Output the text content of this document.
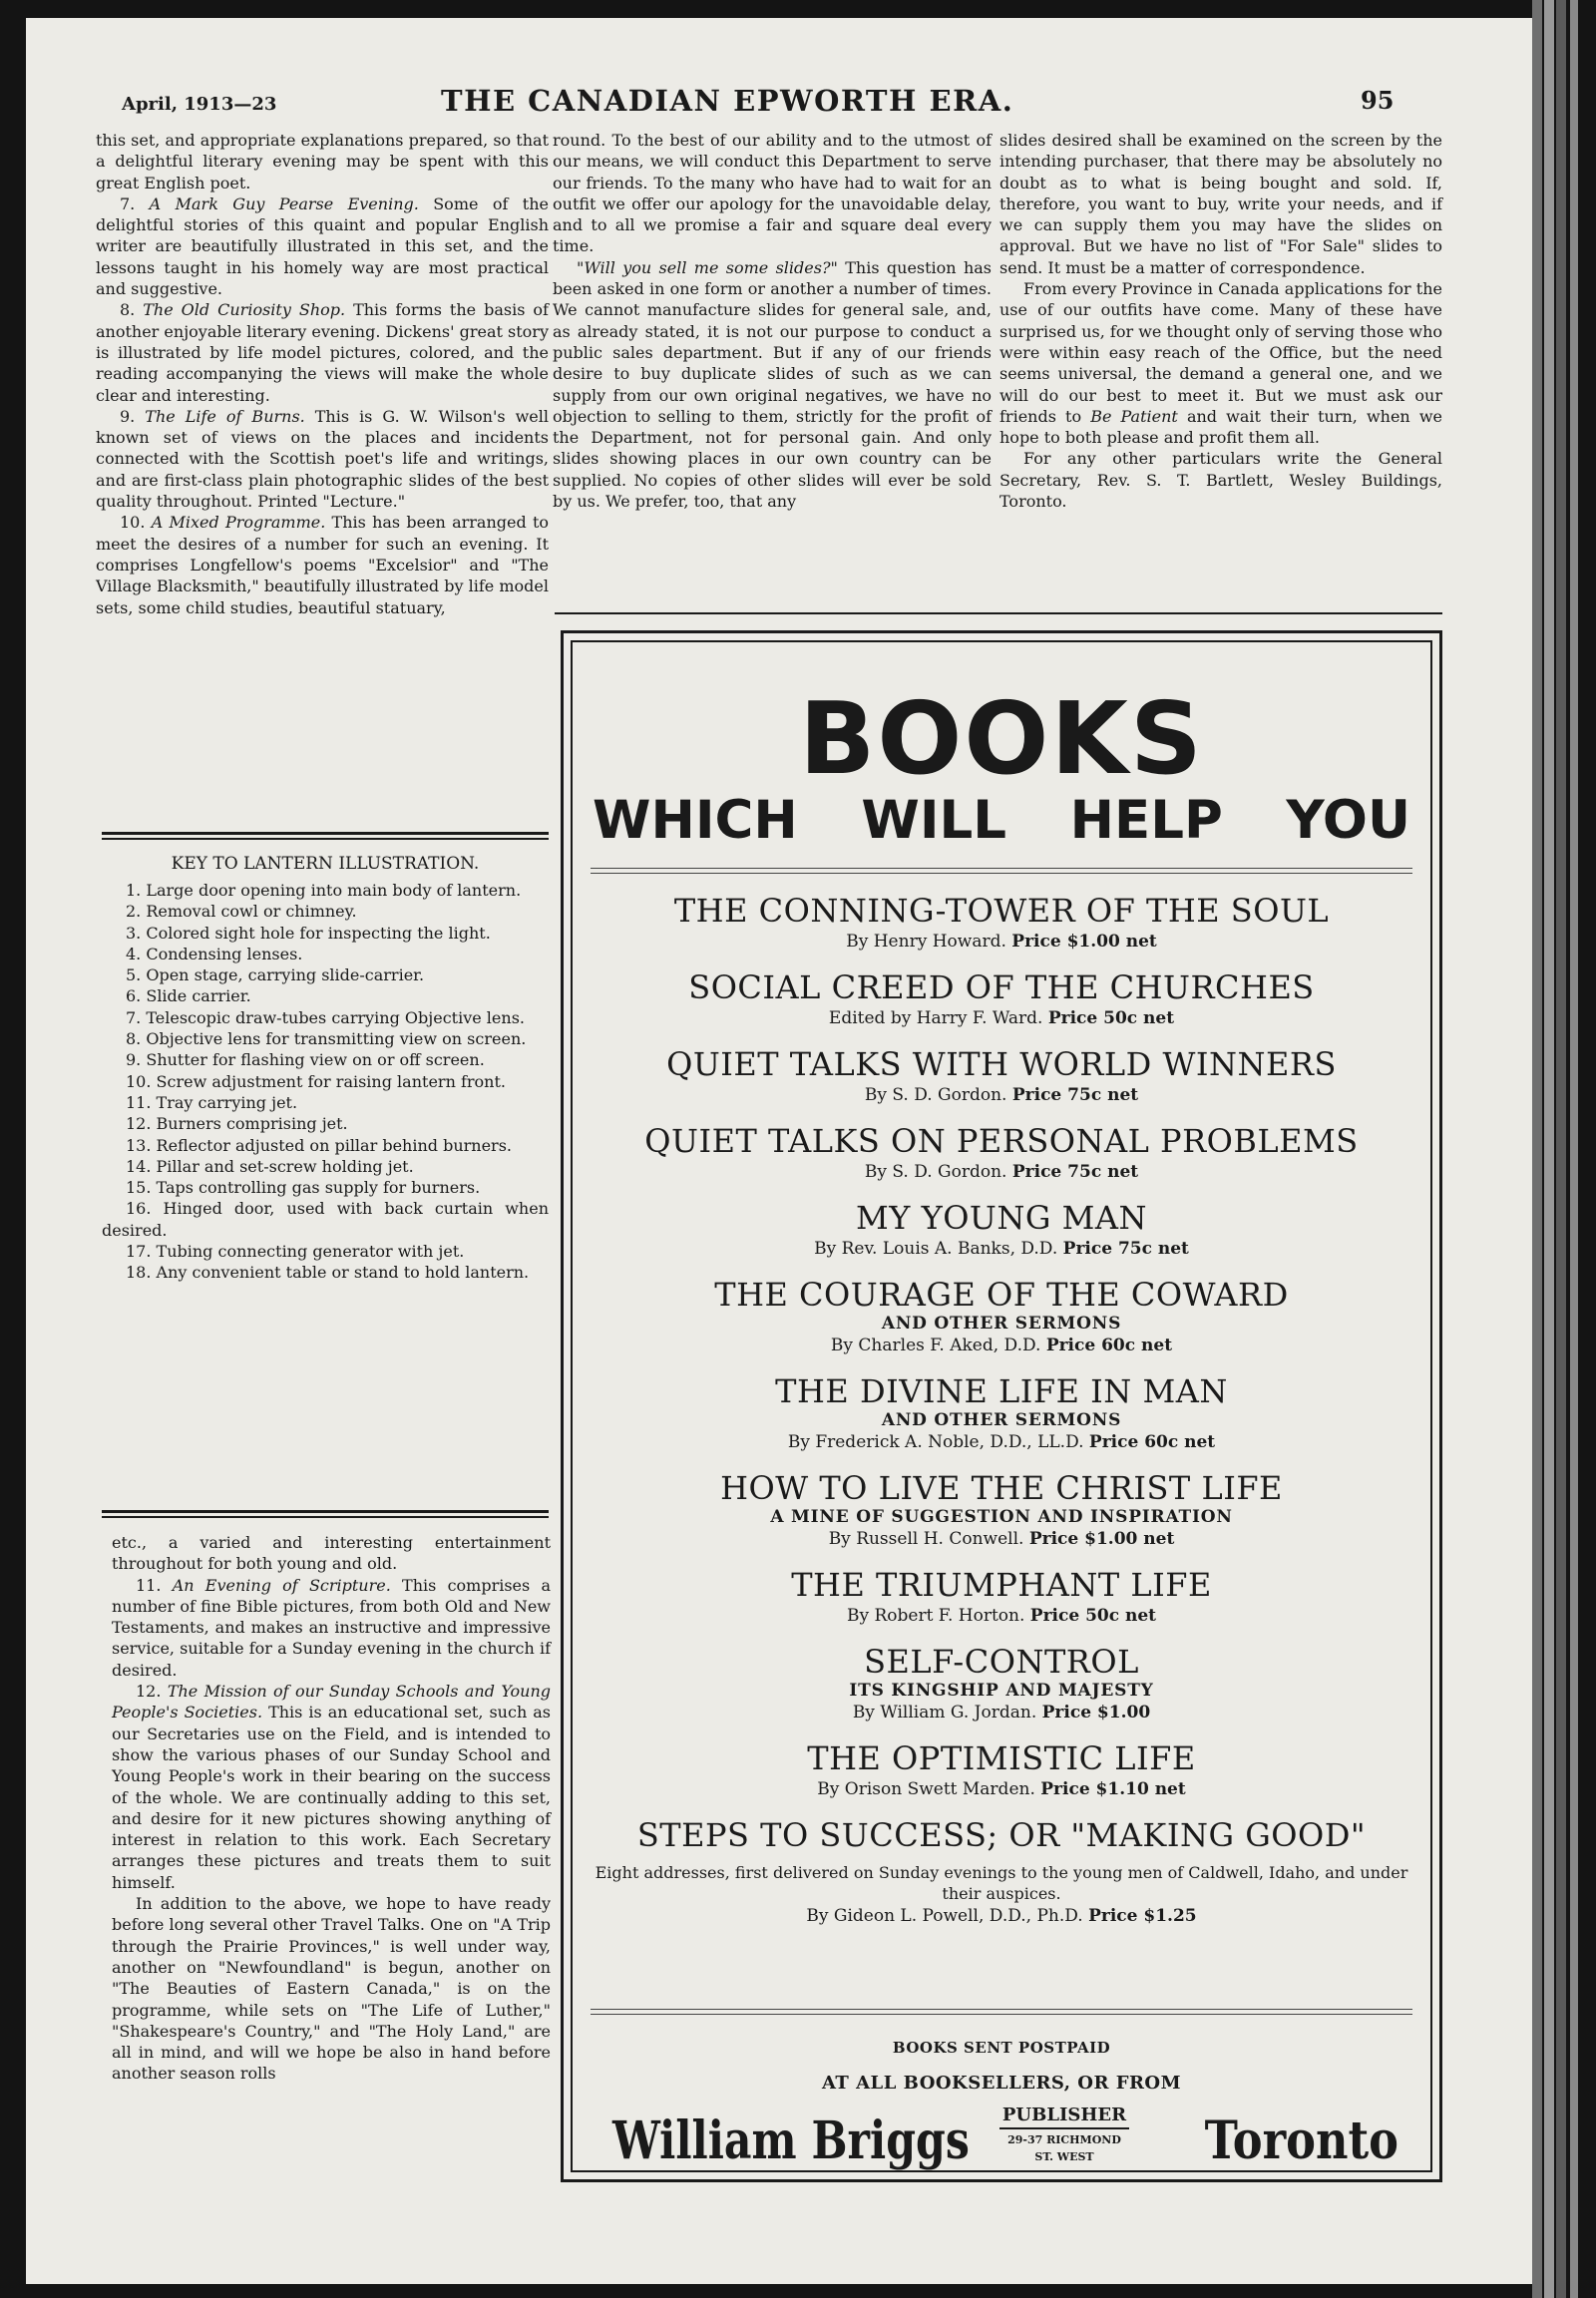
April, 1913—23	THE CANADIAN EPWORTH ERA.	95

this set, and appropriate explanations prepared, so that a delightful literary evening may be spent with this great English poet.

7. A Mark Guy Pearse Evening. Some of the delightful stories of this quaint and popular English writer are beautifully illustrated in this set, and the lessons taught in his homely way are most practical and suggestive.

8. The Old Curiosity Shop. This forms the basis of another enjoyable literary evening. Dickens' great story is illustrated by life model pictures, colored, and the reading accompanying the views will make the whole clear and interesting.

9. The Life of Burns. This is G. W. Wilson's well known set of views on the places and incidents connected with the Scottish poet's life and writings, and are first-class plain photographic slides of the best quality throughout. Printed "Lecture."

10. A Mixed Programme. This has been arranged to meet the desires of a number for such an evening. It comprises Longfellow's poems "Excelsior" and "The Village Blacksmith," beautifully illustrated by life model sets, some child studies, beautiful statuary,

KEY TO LANTERN ILLUSTRATION.

1. Large door opening into main body of lantern.

2. Removal cowl or chimney.

3. Colored sight hole for inspecting the light.

4. Condensing lenses.

5. Open stage, carrying slide-carrier.

6. Slide carrier.

7. Telescopic draw-tubes carrying Objective lens.

8. Objective lens for transmitting view on screen.

9. Shutter for flashing view on or off screen.

10. Screw adjustment for raising lantern front.

11. Tray carrying jet.

12. Burners comprising jet.

13. Reflector adjusted on pillar behind burners.

14. Pillar and set-screw holding jet.

15. Taps controlling gas supply for burners.

16. Hinged door, used with back curtain when desired.

17. Tubing connecting generator with jet.

18. Any convenient table or stand to hold lantern.

etc., a varied and interesting entertainment throughout for both young and old.

11. An Evening of Scripture. This comprises a number of fine Bible pictures, from both Old and New Testaments, and makes an instructive and impressive service, suitable for a Sunday evening in the church if desired.

12. The Mission of our Sunday Schools and Young People's Societies. This is an educational set, such as our Secretaries use on the Field, and is intended to show the various phases of our Sunday School and Young People's work in their bearing on the success of the whole. We are continually adding to this set, and desire for it new pictures showing anything of interest in relation to this work. Each Secretary arranges these pictures and treats them to suit himself.

In addition to the above, we hope to have ready before long several other Travel Talks. One on "A Trip through the Prairie Provinces," is well under way, another on "Newfoundland" is begun, another on "The Beauties of Eastern Canada," is on the programme, while sets on "The Life of Luther," "Shakespeare's Country," and "The Holy Land," are all in mind, and will we hope be also in hand before another season rolls

round. To the best of our ability and to the utmost of our means, we will conduct this Department to serve our friends. To the many who have had to wait for an outfit we offer our apology for the unavoidable delay, and to all we promise a fair and square deal every time.

"Will you sell me some slides?" This question has been asked in one form or another a number of times. We cannot manufacture slides for general sale, and, as already stated, it is not our purpose to conduct a public sales department. But if any of our friends desire to buy duplicate slides of such as we can supply from our own original negatives, we have no objection to selling to them, strictly for the profit of the Department, not for personal gain. And only slides showing places in our own country can be supplied. No copies of other slides will ever be sold by us. We prefer, too, that any

slides desired shall be examined on the screen by the intending purchaser, that there may be absolutely no doubt as to what is being bought and sold. If, therefore, you want to buy, write your needs, and if we can supply them you may have the slides on approval. But we have no list of "For Sale" slides to send. It must be a matter of correspondence.

From every Province in Canada applications for the use of our outfits have come. Many of these have surprised us, for we thought only of serving those who were within easy reach of the Office, but the need seems universal, the demand a general one, and we will do our best to meet it. But we must ask our friends to Be Patient and wait their turn, when we hope to both please and profit them all.

For any other particulars write the General Secretary, Rev. S. T. Bartlett, Wesley Buildings, Toronto.

BOOKS
WHICH WILL HELP YOU
THE CONNING-TOWER OF THE SOUL
By Henry Howard. Price $1.00 net
SOCIAL CREED OF THE CHURCHES
Edited by Harry F. Ward. Price 50c net
QUIET TALKS WITH WORLD WINNERS
By S. D. Gordon. Price 75c net
QUIET TALKS ON PERSONAL PROBLEMS
By S. D. Gordon. Price 75c net
MY YOUNG MAN
By Rev. Louis A. Banks, D.D. Price 75c net
THE COURAGE OF THE COWARD
AND OTHER SERMONS
By Charles F. Aked, D.D. Price 60c net
THE DIVINE LIFE IN MAN
AND OTHER SERMONS
By Frederick A. Noble, D.D., LL.D. Price 60c net
HOW TO LIVE THE CHRIST LIFE
A MINE OF SUGGESTION AND INSPIRATION
By Russell H. Conwell. Price $1.00 net
THE TRIUMPHANT LIFE
By Robert F. Horton. Price 50c net
SELF-CONTROL
ITS KINGSHIP AND MAJESTY
By William G. Jordan. Price $1.00
THE OPTIMISTIC LIFE
By Orison Swett Marden. Price $1.10 net
STEPS TO SUCCESS; OR "MAKING GOOD"
Eight addresses, first delivered on Sunday evenings to the young men of Caldwell, Idaho, and under their auspices.
By Gideon L. Powell, D.D., Ph.D. Price $1.25
BOOKS SENT POSTPAID
AT ALL BOOKSELLERS, OR FROM
William Briggs PUBLISHER
29-37 RICHMOND
ST. WEST	Toronto
